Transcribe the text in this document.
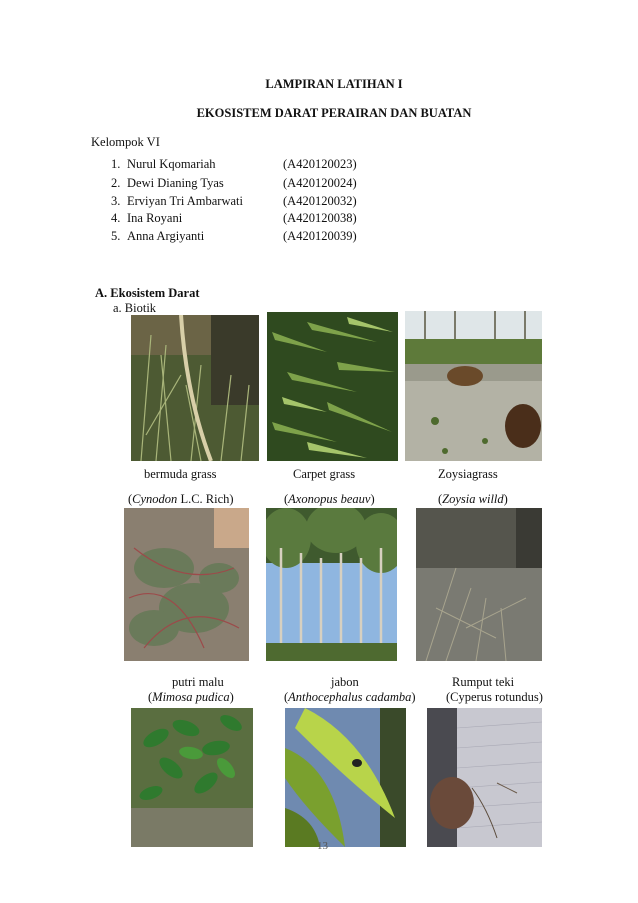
LAMPIRAN LATIHAN I
EKOSISTEM DARAT PERAIRAN DAN BUATAN
Kelompok VI
1. Nurul Kqomariah	(A420120023)
2. Dewi Dianing Tyas	(A420120024)
3. Erviyan Tri Ambarwati	(A420120032)
4. Ina Royani	(A420120038)
5. Anna Argiyanti	(A420120039)
A. Ekosistem Darat
a. Biotik
bermuda grass	Carpet grass	Zoysiagrass
(Cynodon L.C. Rich)	(Axonopus beauv)	(Zoysia willd)
putri malu	jabon	Rumput teki
(Mimosa pudica)	(Anthocephalus cadamba) (Cyperus rotundus)
13
